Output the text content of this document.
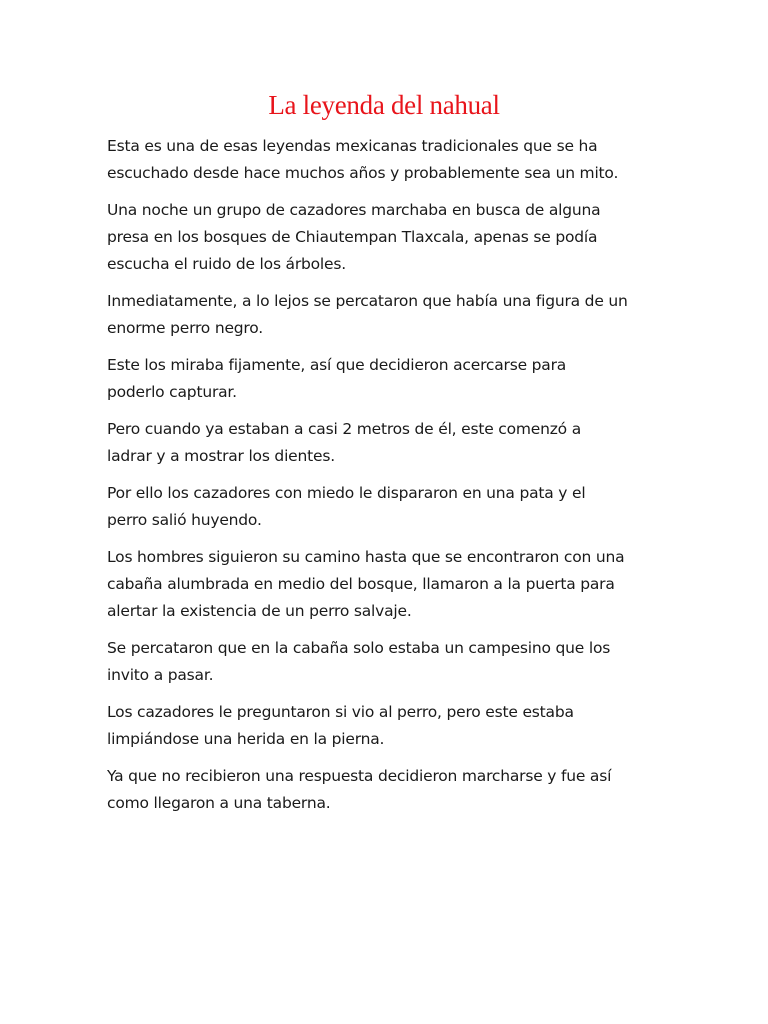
La leyenda del nahual

Esta es una de esas leyendas mexicanas tradicionales que se ha
escuchado desde hace muchos años y probablemente sea un mito.

Una noche un grupo de cazadores marchaba en busca de alguna
presa en los bosques de Chiautempan Tlaxcala, apenas se podía
escucha el ruido de los árboles.

Inmediatamente, a lo lejos se percataron que había una figura de un
enorme perro negro.

Este los miraba fijamente, así que decidieron acercarse para
poderlo capturar.

Pero cuando ya estaban a casi 2 metros de él, este comenzó a
ladrar y a mostrar los dientes.

Por ello los cazadores con miedo le dispararon en una pata y el
perro salió huyendo.

Los hombres siguieron su camino hasta que se encontraron con una
cabaña alumbrada en medio del bosque, llamaron a la puerta para
alertar la existencia de un perro salvaje.

Se percataron que en la cabaña solo estaba un campesino que los
invito a pasar.

Los cazadores le preguntaron si vio al perro, pero este estaba
limpiándose una herida en la pierna.

Ya que no recibieron una respuesta decidieron marcharse y fue así
como llegaron a una taberna.
